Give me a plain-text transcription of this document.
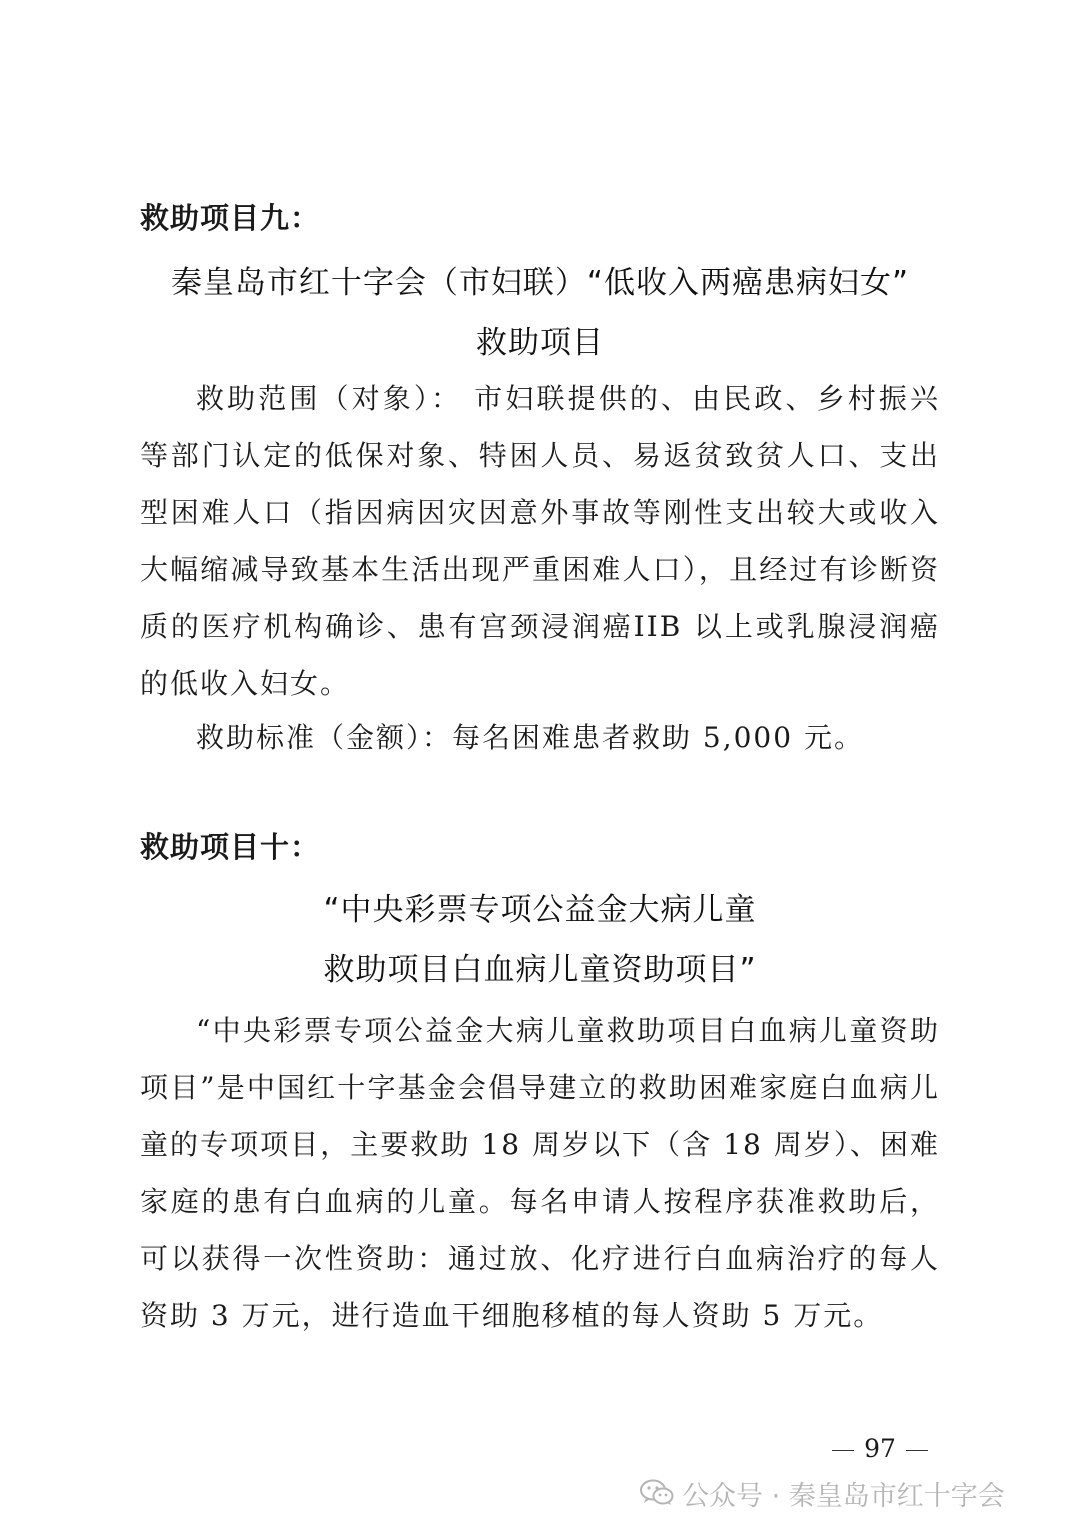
救助项目九：
秦皇岛市红十字会（市妇联）“低收入两癌患病妇女”
救助项目

救助范围（对象）： 市妇联提供的、由民政、乡村振兴等部门认定的低保对象、特困人员、易返贫致贫人口、支出型困难人口（指因病因灾因意外事故等刚性支出较大或收入大幅缩减导致基本生活出现严重困难人口），且经过有诊断资质的医疗机构确诊、患有宫颈浸润癌IIB 以上或乳腺浸润癌的低收入妇女。

救助标准（金额）：每名困难患者救助 5,000 元。
救助项目十：
“中央彩票专项公益金大病儿童
救助项目白血病儿童资助项目”

“中央彩票专项公益金大病儿童救助项目白血病儿童资助项目”是中国红十字基金会倡导建立的救助困难家庭白血病儿童的专项项目，主要救助 18 周岁以下（含 18 周岁）、困难家庭的患有白血病的儿童。每名申请人按程序获准救助后，可以获得一次性资助：通过放、化疗进行白血病治疗的每人资助 3 万元，进行造血干细胞移植的每人资助 5 万元。

97
公众号 · 秦皇岛市红十字会
